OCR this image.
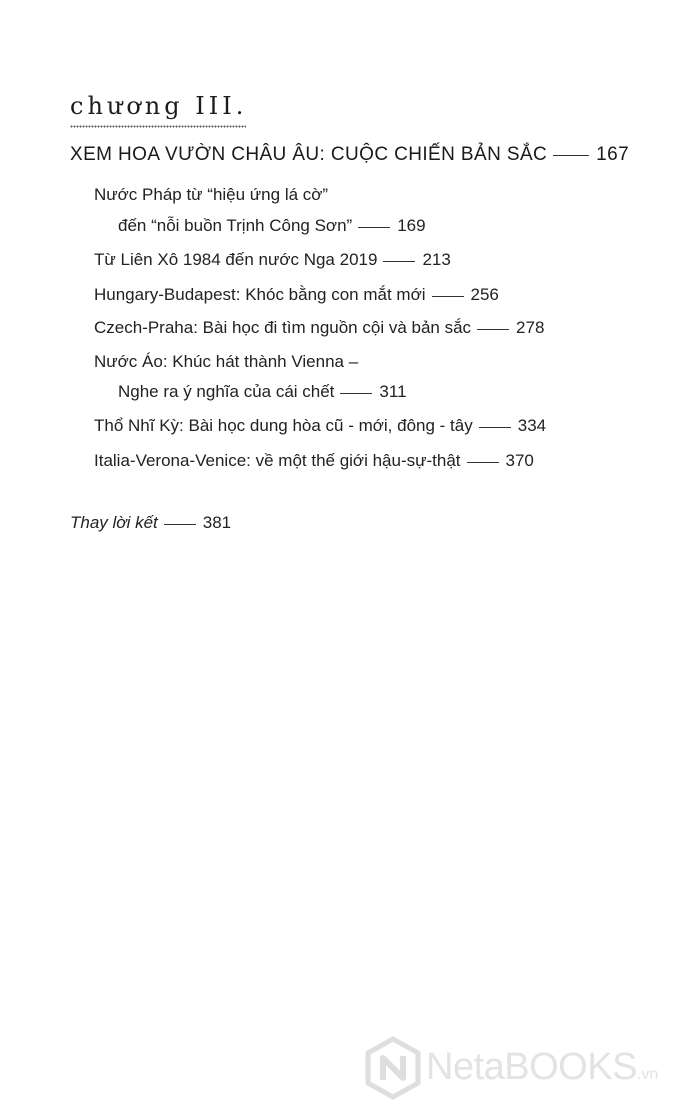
chương III.
XEM HOA VƯỜN CHÂU ÂU: CUỘC CHIẾN BẢN SẮC	167
Nước Pháp từ “hiệu ứng lá cờ”
đến “nỗi buồn Trịnh Công Sơn”	169
Từ Liên Xô 1984 đến nước Nga 2019	213
Hungary-Budapest: Khóc bằng con mắt mới	256
Czech-Praha: Bài học đi tìm nguồn cội và bản sắc	278
Nước Áo: Khúc hát thành Vienna –
Nghe ra ý nghĩa của cái chết	311
Thổ Nhĩ Kỳ: Bài học dung hòa cũ - mới, đông - tây	334
Italia-Verona-Venice: về một thế giới hậu-sự-thật	370
Thay lời kết	381
NetaBOOKS.vn
